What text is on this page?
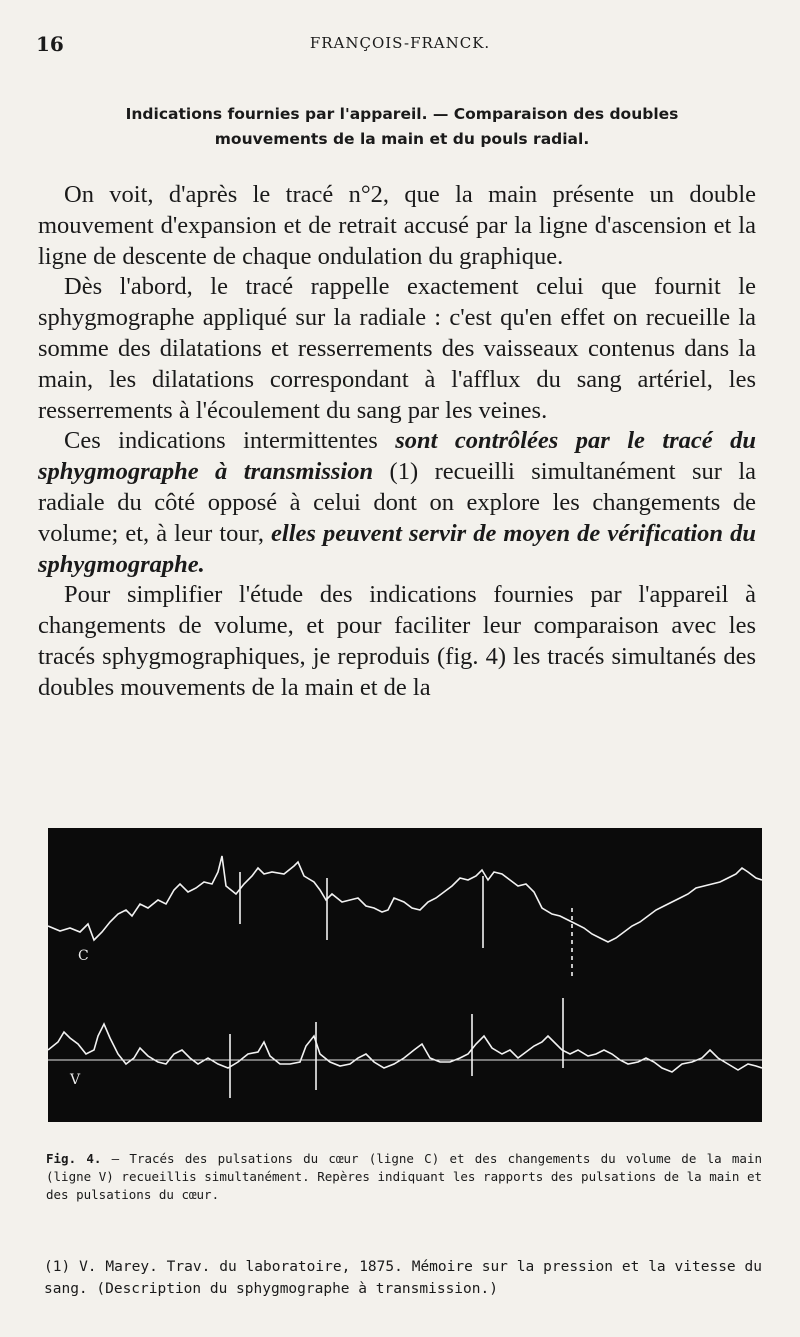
16	FRANÇOIS-FRANCK.
Indications fournies par l'appareil. — Comparaison des doubles
mouvements de la main et du pouls radial.

On voit, d'après le tracé n°2, que la main présente un double mouvement d'expansion et de retrait accusé par la ligne d'ascension et la ligne de descente de chaque ondulation du graphique.

Dès l'abord, le tracé rappelle exactement celui que fournit le sphygmographe appliqué sur la radiale : c'est qu'en effet on recueille la somme des dilatations et resserrements des vaisseaux contenus dans la main, les dilatations correspondant à l'afflux du sang artériel, les resserrements à l'écoulement du sang par les veines.

Ces indications intermittentes sont contrôlées par le tracé du sphygmographe à transmission (1) recueilli simultanément sur la radiale du côté opposé à celui dont on explore les changements de volume; et, à leur tour, elles peuvent servir de moyen de vérification du sphygmographe.

Pour simplifier l'étude des indications fournies par l'appareil à changements de volume, et pour faciliter leur comparaison avec les tracés sphygmographiques, je reproduis (fig. 4) les tracés simultanés des doubles mouvements de la main et de la

C
V
Fig. 4. — Tracés des pulsations du cœur (ligne C) et des changements du volume de la main (ligne V) recueillis simultanément. Repères indiquant les rapports des pulsations de la main et des pulsations du cœur.
(1) V. Marey. Trav. du laboratoire, 1875. Mémoire sur la pression et la vitesse du sang. (Description du sphygmographe à transmission.)
